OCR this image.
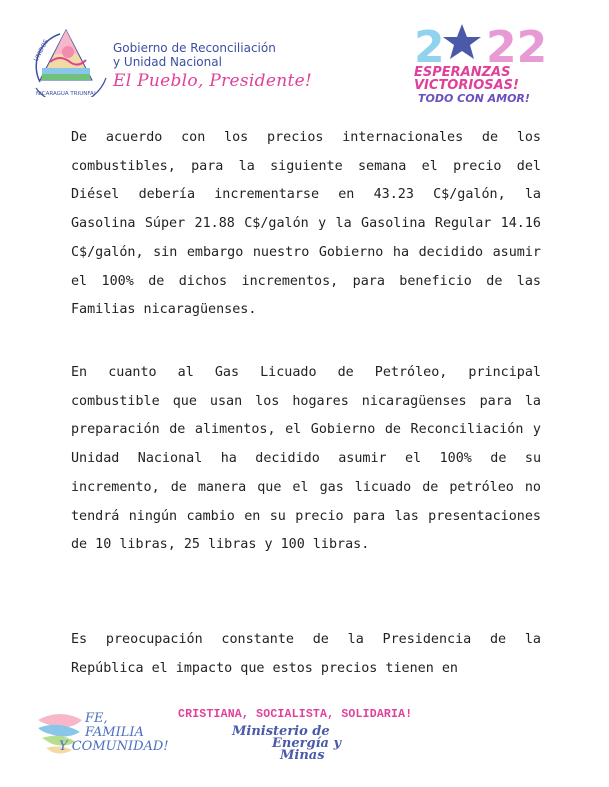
UNIDOS
NICARAGUA TRIUNFA!
Gobierno de Reconciliación
y Unidad Nacional
El Pueblo, Presidente!
2 22
ESPERANZAS
VICTORIOSAS!
TODO CON AMOR!

De acuerdo con los precios internacionales de los combustibles, para la siguiente semana el precio del Diésel debería incrementarse en 43.23 C$/galón, la Gasolina Súper 21.88 C$/galón y la Gasolina Regular 14.16 C$/galón, sin embargo nuestro Gobierno ha decidido asumir el 100% de dichos incrementos, para beneficio de las Familias nicaragüenses.

En cuanto al Gas Licuado de Petróleo, principal combustible que usan los hogares nicaragüenses para la preparación de alimentos, el Gobierno de Reconciliación y Unidad Nacional ha decidido asumir el 100% de su incremento, de manera que el gas licuado de petróleo no tendrá ningún cambio en su precio para las presentaciones de 10 libras, 25 libras y 100 libras.

Es preocupación constante de la Presidencia de la República el impacto que estos precios tienen en

FE,
FAMILIA
Y COMUNIDAD!
CRISTIANA, SOCIALISTA, SOLIDARIA!
Ministerio de
Energía y
Minas
